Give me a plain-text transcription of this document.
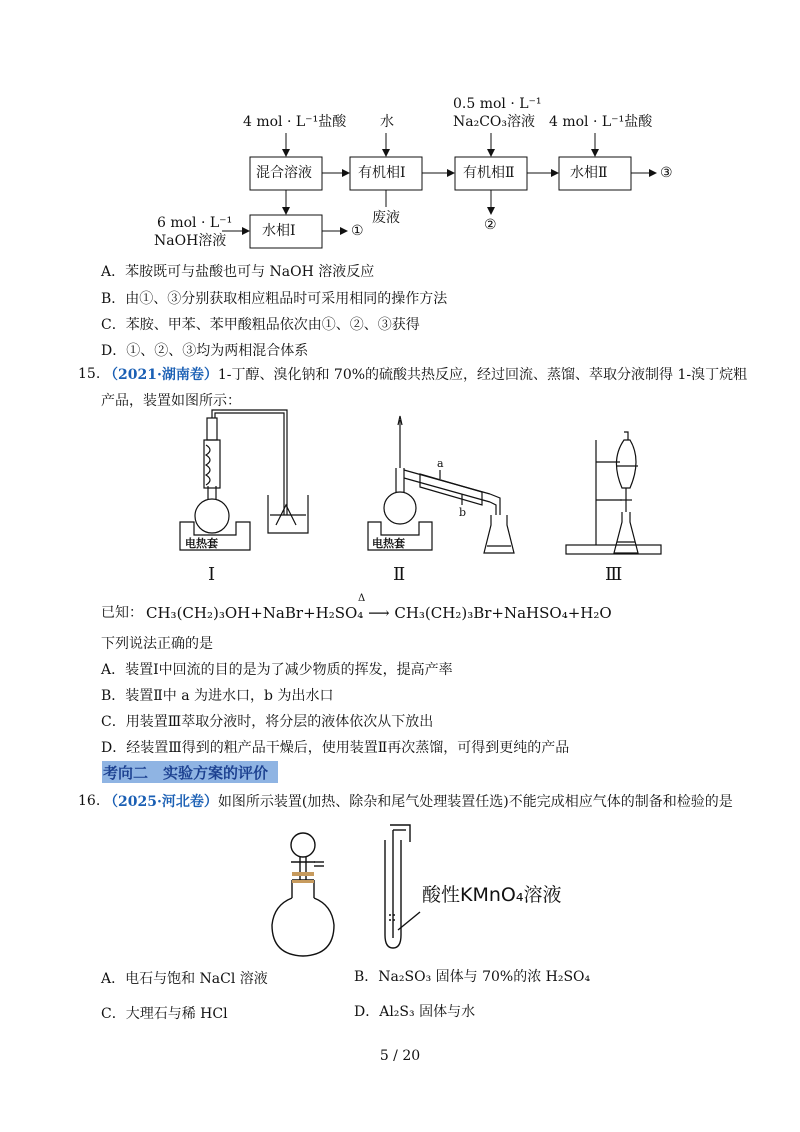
4 mol · L⁻¹盐酸 水
0.5 mol · L⁻¹
Na₂CO₃溶液 4 mol · L⁻¹盐酸
混合溶液	有机相Ⅰ	有机相Ⅱ	水相Ⅱ
水相Ⅰ
③
废液	②
6 mol · L⁻¹
NaOH溶液
①
A．苯胺既可与盐酸也可与 NaOH 溶液反应
B．由①、③分别获取相应粗品时可采用相同的操作方法
C．苯胺、甲苯、苯甲酸粗品依次由①、②、③获得
D．①、②、③均为两相混合体系
15. （2021·湖南卷）1-丁醇、溴化钠和 70%的硫酸共热反应，经过回流、蒸馏、萃取分液制得 1-溴丁烷粗
产品，装置如图所示：
a
b
电热套	电热套
Ⅰ	Ⅱ	Ⅲ
已知： CH₃(CH₂)₃OH+NaBr+H₂SO₄ ⟶ CH₃(CH₂)₃Br+NaHSO₄+H₂O
Δ
下列说法正确的是
A．装置Ⅰ中回流的目的是为了减少物质的挥发，提高产率
B．装置Ⅱ中 a 为进水口，b 为出水口
C．用装置Ⅲ萃取分液时，将分层的液体依次从下放出
D．经装置Ⅲ得到的粗产品干燥后，使用装置Ⅱ再次蒸馏，可得到更纯的产品
考向二　实验方案的评价
16. （2025·河北卷）如图所示装置(加热、除杂和尾气处理装置任选)不能完成相应气体的制备和检验的是
酸性KMnO₄溶液
A．电石与饱和 NaCl 溶液	B．Na₂SO₃ 固体与 70%的浓 H₂SO₄
C．大理石与稀 HCl	D．Al₂S₃ 固体与水
5 / 20
